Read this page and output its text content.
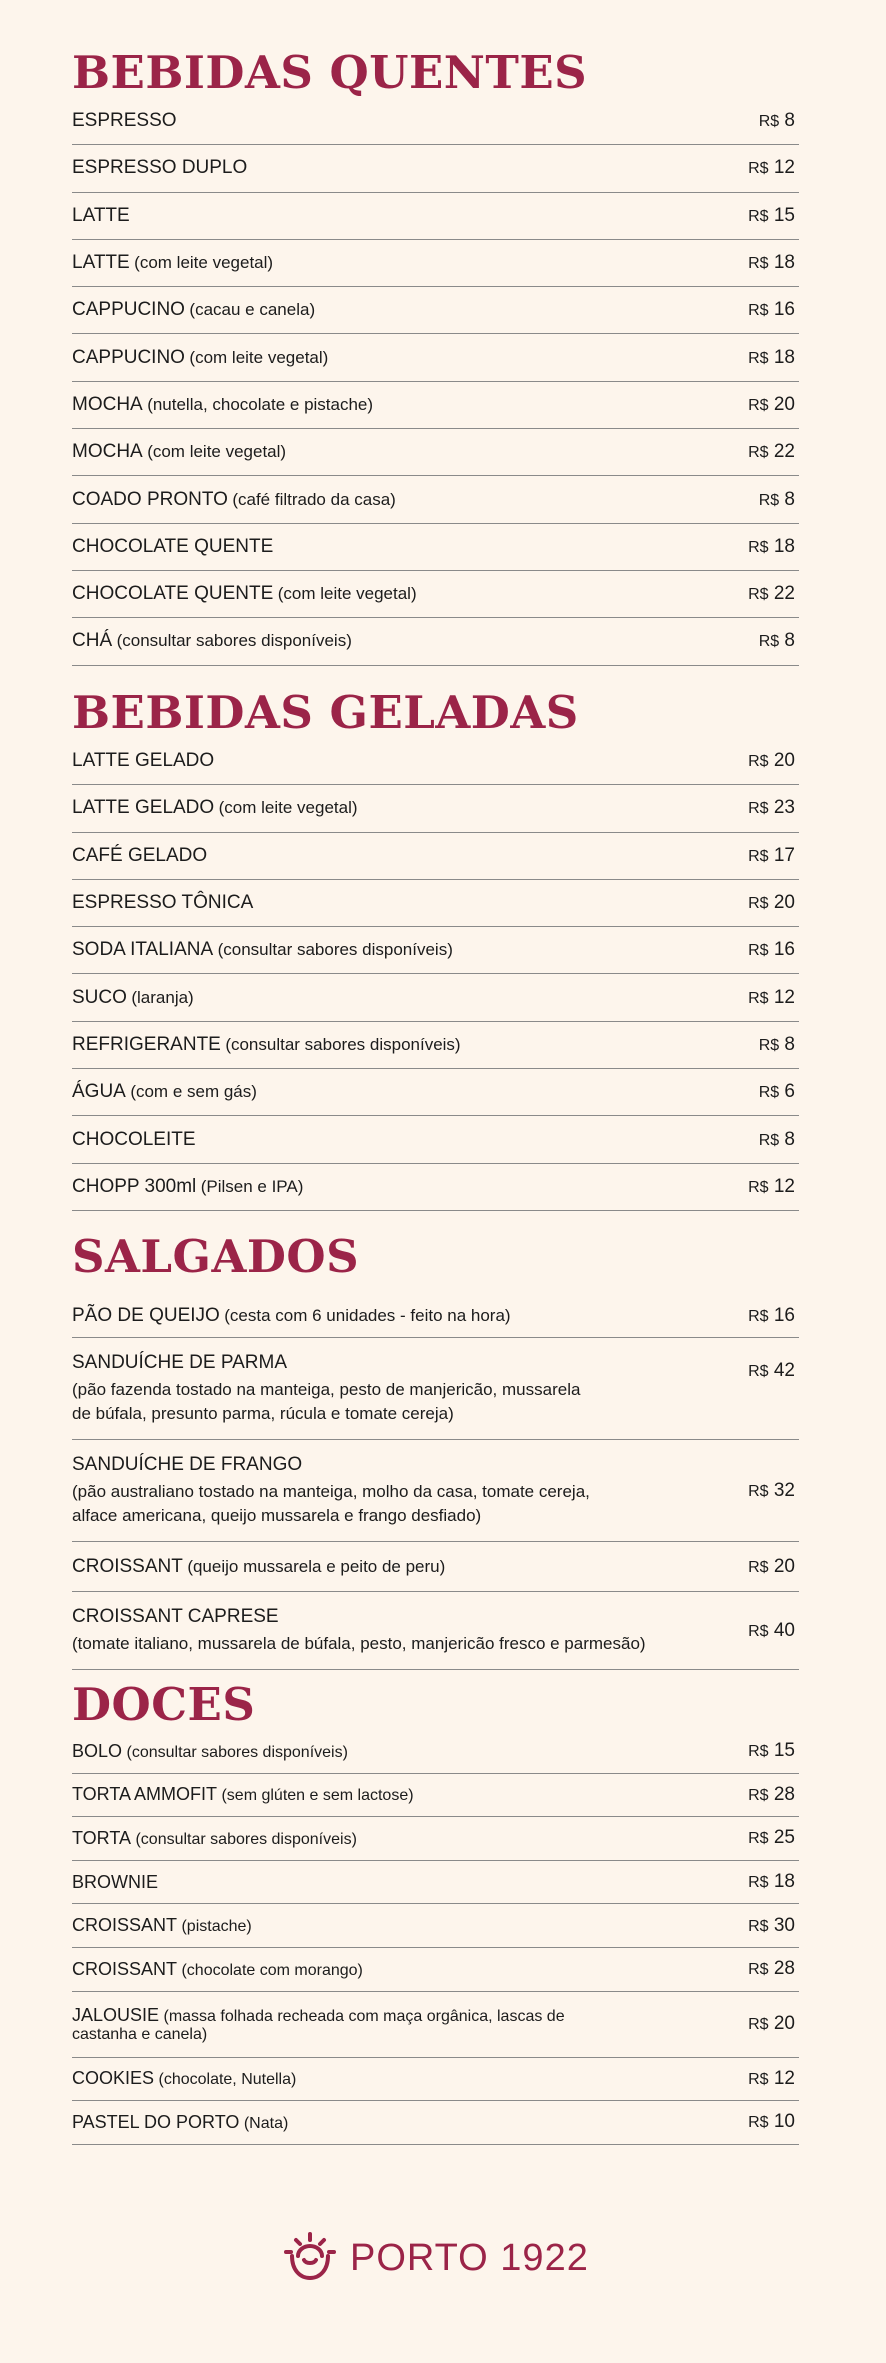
BEBIDAS QUENTES
ESPRESSO	R$ 8
ESPRESSO DUPLO	R$ 12
LATTE	R$ 15
LATTE (com leite vegetal)	R$ 18
CAPPUCINO (cacau e canela)	R$ 16
CAPPUCINO (com leite vegetal)	R$ 18
MOCHA (nutella, chocolate e pistache)	R$ 20
MOCHA (com leite vegetal)	R$ 22
COADO PRONTO (café filtrado da casa)	R$ 8
CHOCOLATE QUENTE	R$ 18
CHOCOLATE QUENTE (com leite vegetal)	R$ 22
CHÁ (consultar sabores disponíveis)	R$ 8
BEBIDAS GELADAS
LATTE GELADO	R$ 20
LATTE GELADO (com leite vegetal)	R$ 23
CAFÉ GELADO	R$ 17
ESPRESSO TÔNICA	R$ 20
SODA ITALIANA (consultar sabores disponíveis)	R$ 16
SUCO (laranja)	R$ 12
REFRIGERANTE (consultar sabores disponíveis)	R$ 8
ÁGUA (com e sem gás)	R$ 6
CHOCOLEITE	R$ 8
CHOPP 300ml (Pilsen e IPA)	R$ 12
SALGADOS
PÃO DE QUEIJO (cesta com 6 unidades - feito na hora)	R$ 16
SANDUÍCHE DE PARMA
(pão fazenda tostado na manteiga, pesto de manjericão, mussarela
de búfala, presunto parma, rúcula e tomate cereja)
R$ 42
SANDUÍCHE DE FRANGO
(pão australiano tostado na manteiga, molho da casa, tomate cereja,
alface americana, queijo mussarela e frango desfiado)
R$ 32
CROISSANT (queijo mussarela e peito de peru)	R$ 20
CROISSANT CAPRESE
(tomate italiano, mussarela de búfala, pesto, manjericão fresco e parmesão)
R$ 40
DOCES
BOLO (consultar sabores disponíveis)	R$ 15
TORTA AMMOFIT (sem glúten e sem lactose)	R$ 28
TORTA (consultar sabores disponíveis)	R$ 25
BROWNIE	R$ 18
CROISSANT (pistache)	R$ 30
CROISSANT (chocolate com morango)	R$ 28
JALOUSIE (massa folhada recheada com maça orgânica, lascas de
castanha e canela)
R$ 20
COOKIES (chocolate, Nutella)	R$ 12
PASTEL DO PORTO (Nata)	R$ 10
PORTO 1922
